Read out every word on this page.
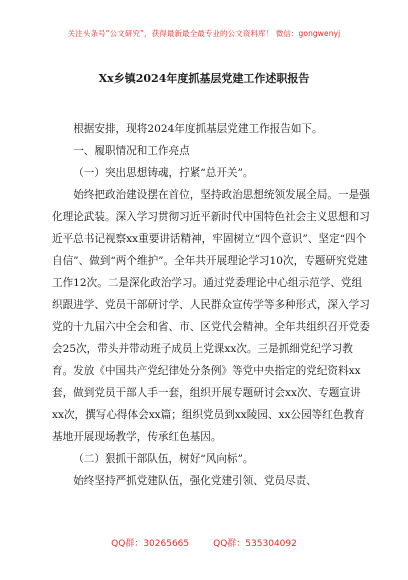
关注头条号“公文研究”，获得最新最全最专业的公文资料库！ 微信：gongwenyj
Xx乡镇2024年度抓基层党建工作述职报告

根据安排，现将2024年度抓基层党建工作报告如下。

一、履职情况和工作亮点

（一）突出思想铸魂，拧紧“总开关”。

始终把政治建设摆在首位，坚持政治思想统领发展全局。一是强化理论武装。深入学习贯彻习近平新时代中国特色社会主义思想和习近平总书记视察xx重要讲话精神，牢固树立“四个意识”、坚定“四个自信”、做到“两个维护”。全年共开展理论学习10次，专题研究党建工作12次。二是深化政治学习。通过党委理论中心组示范学、党组织跟进学、党员干部研讨学、人民群众宣传学等多种形式，深入学习党的十九届六中全会和省、市、区党代会精神。全年共组织召开党委会25次，带头并带动班子成员上党课xx次。三是抓细党纪学习教育。发放《中国共产党纪律处分条例》等党中央指定的党纪资料xx套，做到党员干部人手一套，组织开展专题研讨会xx次、专题宣讲xx次，撰写心得体会xx篇；组织党员到xx陵园、xx公园等红色教育基地开展现场教学，传承红色基因。

（二）狠抓干部队伍，树好“风向标”。

始终坚持严抓党建队伍，强化党建引领、党员尽责、

QQ群：30265665	QQ群：535304092
